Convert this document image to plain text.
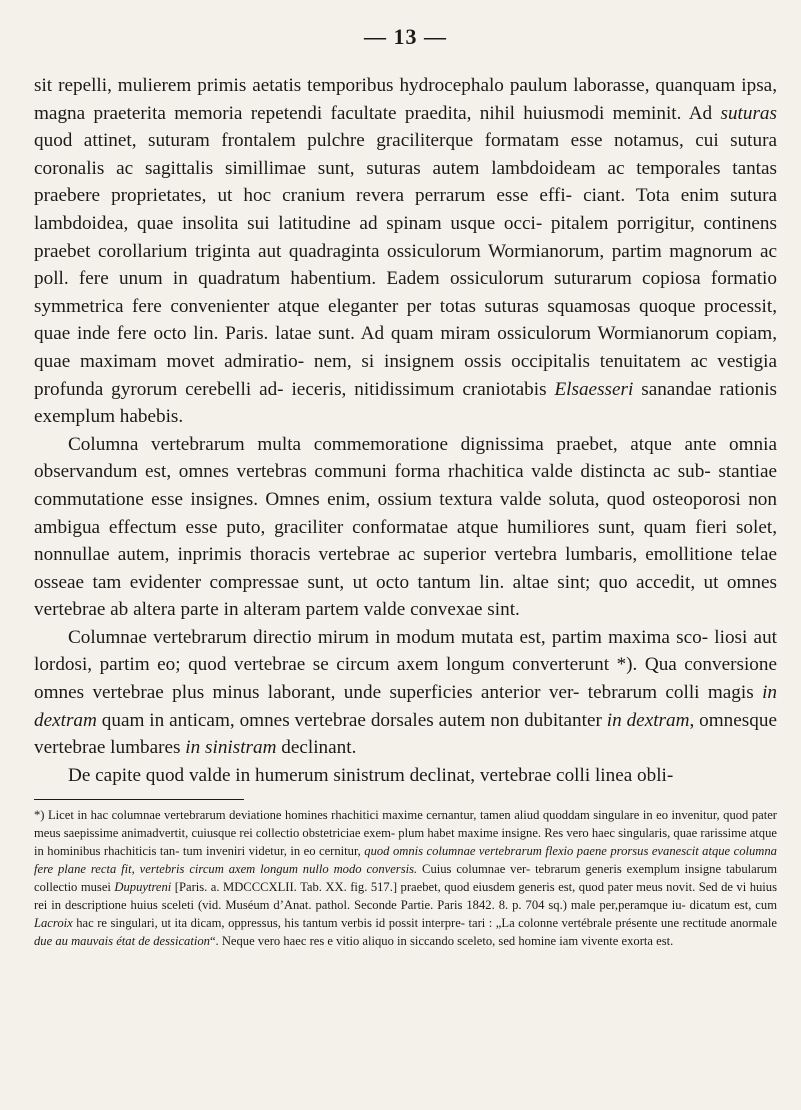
— 13 —

sit repelli, mulierem primis aetatis temporibus hydrocephalo paulum laborasse, quanquam ipsa, magna praeterita memoria repetendi facultate praedita, nihil huiusmodi meminit. Ad suturas quod attinet, suturam frontalem pulchre graciliterque formatam esse notamus, cui sutura coronalis ac sagittalis simillimae sunt, suturas autem lambdoideam ac temporales tantas praebere proprietates, ut hoc cranium revera perrarum esse effi- ciant. Tota enim sutura lambdoidea, quae insolita sui latitudine ad spinam usque occi- pitalem porrigitur, continens praebet corollarium triginta aut quadraginta ossiculorum Wormianorum, partim magnorum ac poll. fere unum in quadratum habentium. Eadem ossiculorum suturarum copiosa formatio symmetrica fere convenienter atque eleganter per totas suturas squamosas quoque processit, quae inde fere octo lin. Paris. latae sunt. Ad quam miram ossiculorum Wormianorum copiam, quae maximam movet admiratio- nem, si insignem ossis occipitalis tenuitatem ac vestigia profunda gyrorum cerebelli ad- ieceris, nitidissimum craniotabis Elsaesseri sanandae rationis exemplum habebis.

Columna vertebrarum multa commemoratione dignissima praebet, atque ante omnia observandum est, omnes vertebras communi forma rhachitica valde distincta ac sub- stantiae commutatione esse insignes. Omnes enim, ossium textura valde soluta, quod osteoporosi non ambigua effectum esse puto, graciliter conformatae atque humiliores sunt, quam fieri solet, nonnullae autem, inprimis thoracis vertebrae ac superior vertebra lumbaris, emollitione telae osseae tam evidenter compressae sunt, ut octo tantum lin. altae sint; quo accedit, ut omnes vertebrae ab altera parte in alteram partem valde convexae sint.

Columnae vertebrarum directio mirum in modum mutata est, partim maxima sco- liosi aut lordosi, partim eo; quod vertebrae se circum axem longum converterunt *). Qua conversione omnes vertebrae plus minus laborant, unde superficies anterior ver- tebrarum colli magis in dextram quam in anticam, omnes vertebrae dorsales autem non dubitanter in dextram, omnesque vertebrae lumbares in sinistram declinant.

De capite quod valde in humerum sinistrum declinat, vertebrae colli linea obli-

*) Licet in hac columnae vertebrarum deviatione homines rhachitici maxime cernantur, tamen aliud quoddam singulare in eo invenitur, quod pater meus saepissime animadvertit, cuiusque rei collectio obstetriciae exem- plum habet maxime insigne. Res vero haec singularis, quae rarissime atque in hominibus rhachiticis tan- tum inveniri videtur, in eo cernitur, quod omnis columnae vertebrarum flexio paene prorsus evanescit atque columna fere plane recta fit, vertebris circum axem longum nullo modo conversis. Cuius columnae ver- tebrarum generis exemplum insigne tabularum collectio musei Dupuytreni [Paris. a. MDCCCXLII. Tab. XX. fig. 517.] praebet, quod eiusdem generis est, quod pater meus novit. Sed de vi huius rei in descriptione huius sceleti (vid. Muséum d’Anat. pathol. Seconde Partie. Paris 1842. 8. p. 704 sq.) male per,peramque iu- dicatum est, cum Lacroix hac re singulari, ut ita dicam, oppressus, his tantum verbis id possit interpre- tari : „La colonne vertébrale présente une rectitude anormale due au mauvais état de dessication“. Neque vero haec res e vitio aliquo in siccando sceleto, sed homine iam vivente exorta est.
